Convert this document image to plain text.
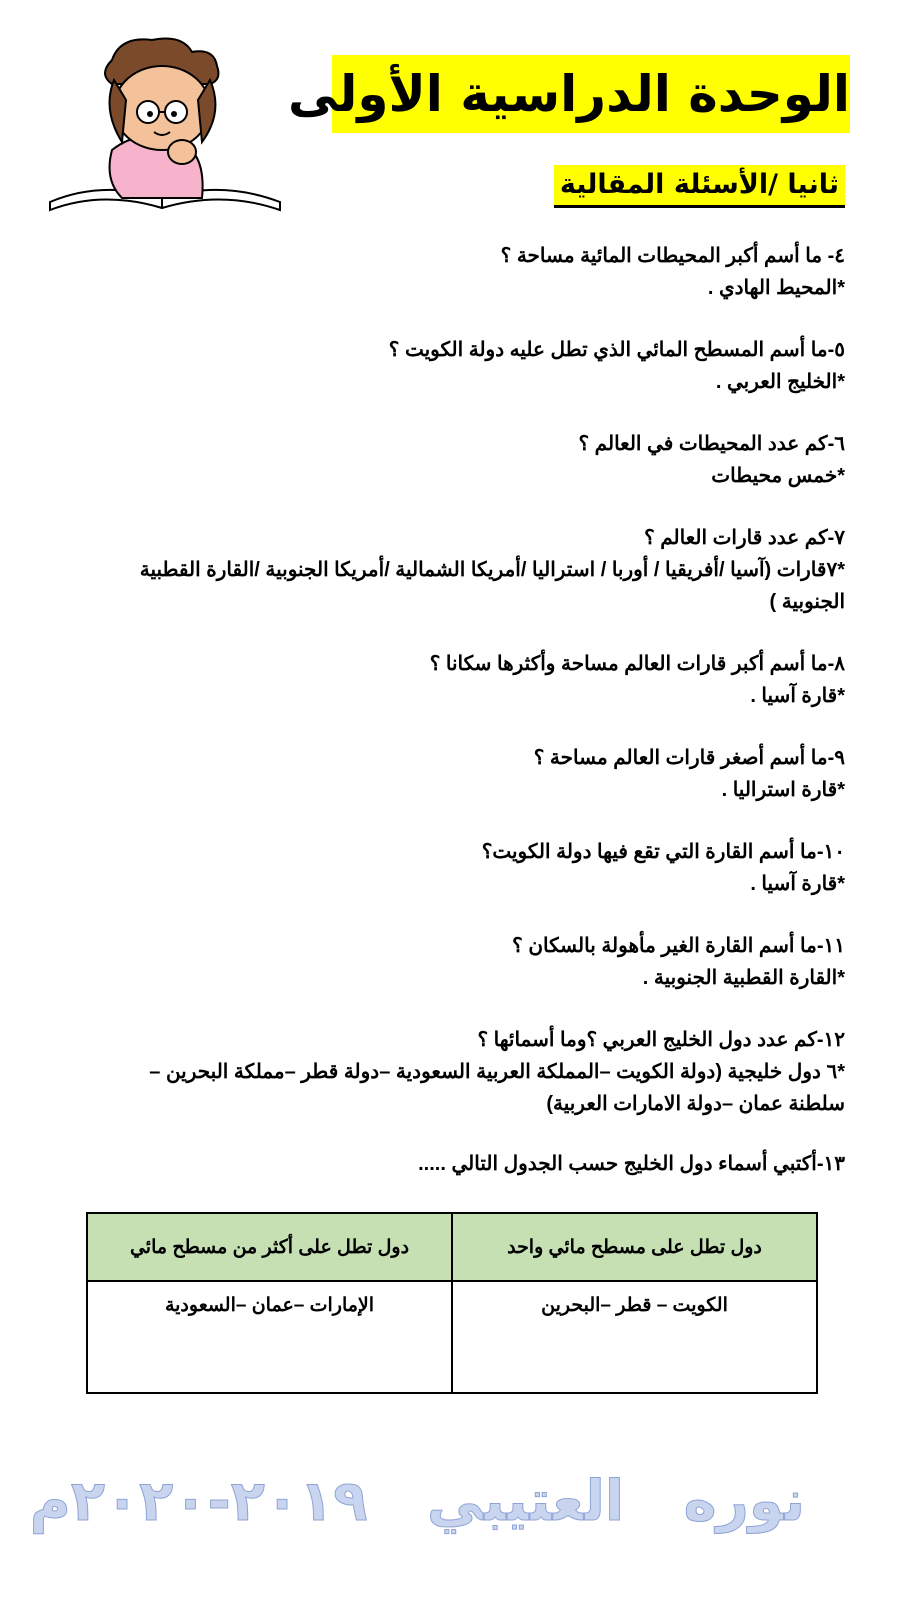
الوحدة الدراسية الأولى
ثانيا /الأسئلة المقالية

٤- ما أسم أكبر المحيطات المائية مساحة ؟

*المحيط الهادي .

٥-ما أسم المسطح المائي الذي تطل عليه دولة الكويت ؟

*الخليج العربي .

٦-كم عدد المحيطات في العالم ؟

*خمس محيطات

٧-كم عدد قارات العالم ؟

*٧قارات (آسيا /أفريقيا / أوربا / استراليا /أمريكا الشمالية /أمريكا الجنوبية /القارة القطبية

الجنوبية )

٨-ما أسم أكبر قارات العالم مساحة وأكثرها سكانا ؟

*قارة آسيا .

٩-ما أسم أصغر قارات العالم مساحة ؟

*قارة استراليا .

١٠-ما أسم القارة التي تقع فيها دولة الكويت؟

*قارة آسيا .

١١-ما أسم القارة الغير مأهولة بالسكان ؟

*القارة القطبية الجنوبية .

١٢-كم عدد دول الخليج العربي ؟وما أسمائها ؟

*٦ دول خليجية (دولة الكويت –المملكة العربية السعودية –دولة قطر –مملكة البحرين –

سلطنة عمان –دولة الامارات العربية)

١٣-أكتبي أسماء دول الخليج حسب الجدول التالي .....
دول تطل على مسطح مائي واحد	دول تطل على أكثر من مسطح مائي
الكويت – قطر –البحرين	الإمارات –عمان –السعودية
نوره العتيبي ٢٠١٩-٢٠٢٠م
